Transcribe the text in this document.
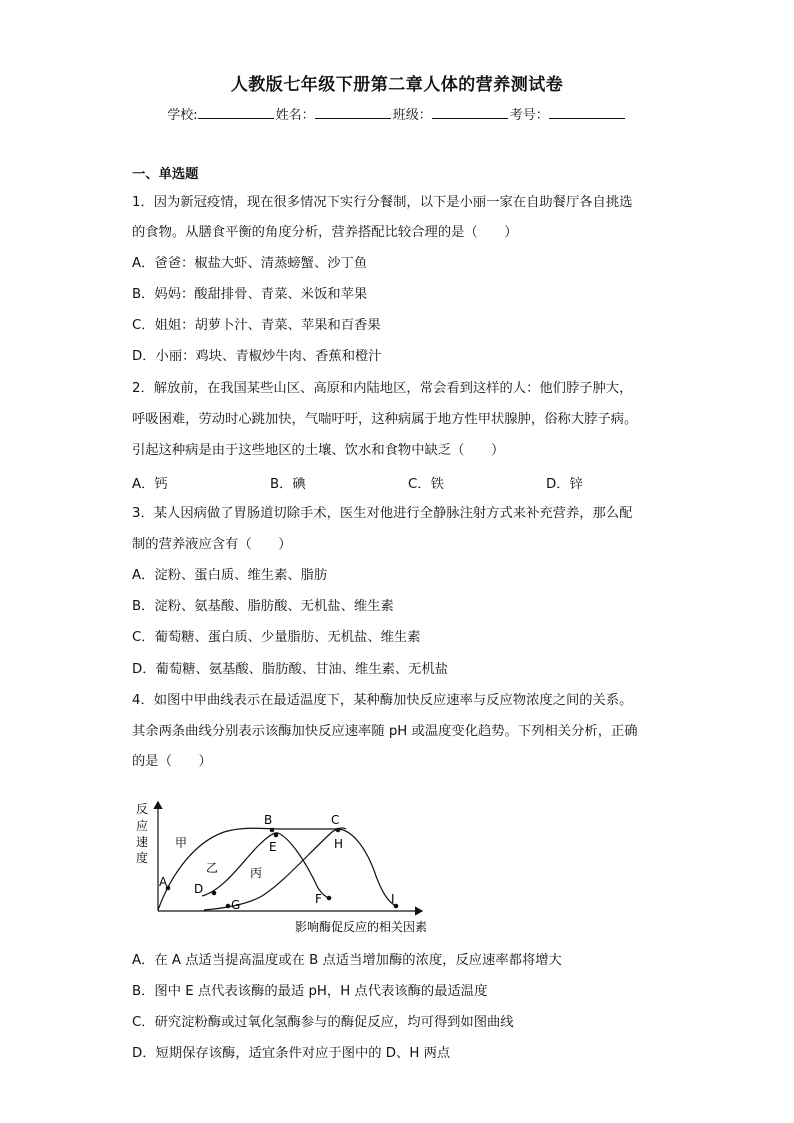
人教版七年级下册第二章人体的营养测试卷
学校:	姓名：	班级：	考号：
一、单选题
1．因为新冠疫情，现在很多情况下实行分餐制，以下是小丽一家在自助餐厅各自挑选
的食物。从膳食平衡的角度分析，营养搭配比较合理的是（　　）
A．爸爸：椒盐大虾、清蒸螃蟹、沙丁鱼
B．妈妈：酸甜排骨、青菜、米饭和苹果
C．姐姐：胡萝卜汁、青菜、苹果和百香果
D．小丽：鸡块、青椒炒牛肉、香蕉和橙汁
2．解放前，在我国某些山区、高原和内陆地区，常会看到这样的人：他们脖子肿大，
呼吸困难，劳动时心跳加快，气喘吁吁，这种病属于地方性甲状腺肿，俗称大脖子病。
引起这种病是由于这些地区的土壤、饮水和食物中缺乏（　　）
A．钙	B．碘	C．铁	D．锌
3．某人因病做了胃肠道切除手术，医生对他进行全静脉注射方式来补充营养，那么配
制的营养液应含有（　　）
A．淀粉、蛋白质、维生素、脂肪
B．淀粉、氨基酸、脂肪酸、无机盐、维生素
C．葡萄糖、蛋白质、少量脂肪、无机盐、维生素
D．葡萄糖、氨基酸、脂肪酸、甘油、维生素、无机盐
4．如图中甲曲线表示在最适温度下，某种酶加快反应速率与反应物浓度之间的关系。
其余两条曲线分别表示该酶加快反应速率随 pH 或温度变化趋势。下列相关分析，正确
的是（　　）
反
应
速
度
影响酶促反应的相关因素
甲
乙	丙
A
B	C
D
E
F
G
H
I
A．在 A 点适当提高温度或在 B 点适当增加酶的浓度，反应速率都将增大
B．图中 E 点代表该酶的最适 pH，H 点代表该酶的最适温度
C．研究淀粉酶或过氧化氢酶参与的酶促反应，均可得到如图曲线
D．短期保存该酶，适宜条件对应于图中的 D、H 两点
